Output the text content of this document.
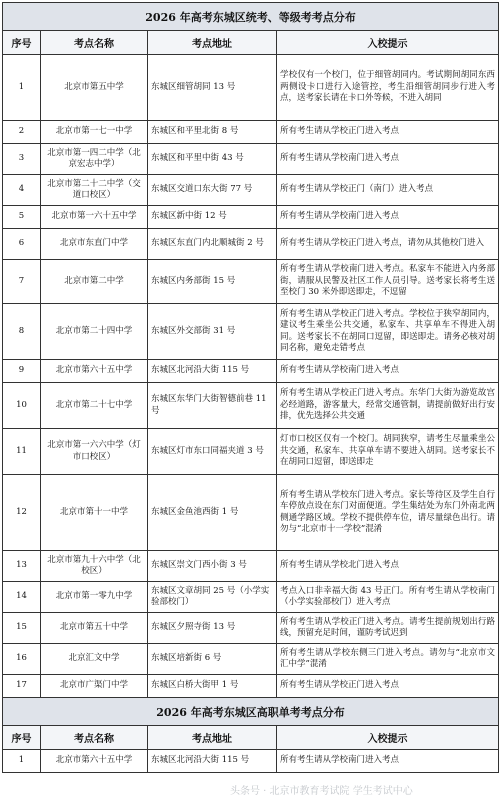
2026 年高考东城区统考、等级考考点分布			
序号	考点名称	考点地址	入校提示
1	北京市第五中学	东城区细管胡同 13 号	学校仅有一个校门，位于细管胡同内。考试期间胡同东西两侧设卡口进行入途管控，考生沿细管胡同步行进入考点，送考家长请在卡口外等候，不进入胡同
2	北京市第一七一中学	东城区和平里北街 8 号	所有考生请从学校正门进入考点
3	北京市第一四二中学（北京宏志中学）	东城区和平里中街 43 号	所有考生请从学校南门进入考点
4	北京市第二十二中学（交道口校区）	东城区交道口东大街 77 号	所有考生请从学校正门（南门）进入考点
5	北京市第一六十五中学	东城区新中街 12 号	所有考生请从学校南门进入考点
6	北京市东直门中学	东城区东直门内北顺城街 2 号	所有考生请从学校正门进入考点，请勿从其他校门进入
7	北京市第二中学	东城区内务部街 15 号	所有考生请从学校南门进入考点。私家车不能进入内务部街，请服从民警及社区工作人员引导。送考家长将考生送至校门 30 米外即送即走，不逗留
8	北京市第二十四中学	东城区外交部街 31 号	所有考生请从学校正门进入考点。学校位于狭窄胡同内，建议考生乘坐公共交通，私家车、共享单车不得进入胡同。送考家长不在胡同口逗留，即送即走。请务必核对胡同名称，避免走错考点
9	北京市第六十五中学	东城区北河沿大街 115 号	所有考生请从学校南门进入考点
10	北京市第二十七中学	东城区东华门大街智德前巷 11 号	所有考生请从学校正门进入考点。东华门大街为游览故宫必经道路，游客量大，经常交通管制，请提前做好出行安排，优先选择公共交通
11	北京市第一六六中学（灯市口校区）	东城区灯市东口同福夹道 3 号	灯市口校区仅有一个校门。胡同狭窄，请考生尽量乘坐公共交通，私家车、共享单车请不要进入胡同。送考家长不在胡同口逗留，即送即走
12	北京市第十一中学	东城区金鱼池西街 1 号	所有考生请从学校东门进入考点。家长等待区及学生自行车停放点设在东门对面便道。学生集结处为东门外南北两侧通学路区域。学校不提供停车位，请尽量绿色出行。请勿与“北京市十一学校”混淆
13	北京市第九十六中学（北校区）	东城区崇文门西小街 3 号	所有考生请从学校北门进入考点
14	北京市第一零九中学	东城区文章胡同 25 号（小学实验部校门）	考点入口非幸福大街 43 号正门。所有考生请从学校南门（小学实验部校门）进入考点
15	北京市第五十中学	东城区夕照寺街 13 号	所有考生请从学校正门进入考点。请考生提前规划出行路线，预留充足时间，谨防考试迟到
16	北京汇文中学	东城区培新街 6 号	所有考生请从学校东侧三门进入考点。请勿与“北京市文汇中学”混淆
17	北京市广渠门中学	东城区白桥大街甲 1 号	所有考生请从学校正门进入考点
2026 年高考东城区高职单考考点分布			
序号	考点名称	考点地址	入校提示
1	北京市第六十五中学	东城区北河沿大街 115 号	所有考生请从学校南门进入考点
头条号 · 北京市教育考试院 学生考试中心
